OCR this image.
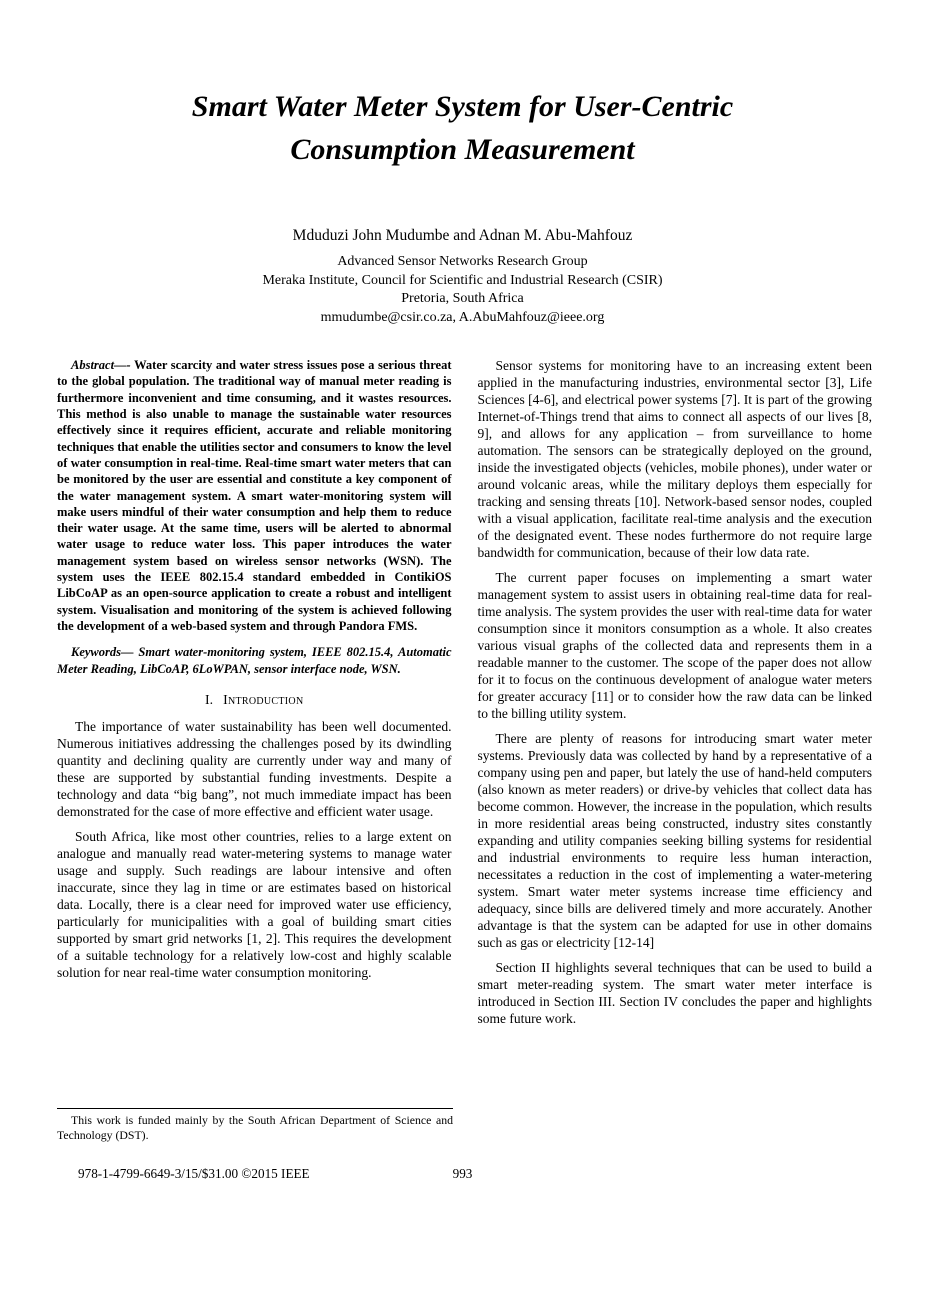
Smart Water Meter System for User-Centric Consumption Measurement

Mduduzi John Mudumbe and Adnan M. Abu-Mahfouz

Advanced Sensor Networks Research Group

Meraka Institute, Council for Scientific and Industrial Research (CSIR)

Pretoria, South Africa

mmudumbe@csir.co.za, A.AbuMahfouz@ieee.org

Abstract—- Water scarcity and water stress issues pose a serious threat to the global population. The traditional way of manual meter reading is furthermore inconvenient and time consuming, and it wastes resources. This method is also unable to manage the sustainable water resources effectively since it requires efficient, accurate and reliable monitoring techniques that enable the utilities sector and consumers to know the level of water consumption in real-time. Real-time smart water meters that can be monitored by the user are essential and constitute a key component of the water management system. A smart water-monitoring system will make users mindful of their water consumption and help them to reduce their water usage. At the same time, users will be alerted to abnormal water usage to reduce water loss. This paper introduces the water management system based on wireless sensor networks (WSN). The system uses the IEEE 802.15.4 standard embedded in ContikiOS LibCoAP as an open-source application to create a robust and intelligent system. Visualisation and monitoring of the system is achieved following the development of a web-based system and through Pandora FMS.

Keywords— Smart water-monitoring system, IEEE 802.15.4, Automatic Meter Reading, LibCoAP, 6LoWPAN, sensor interface node, WSN.

I. Introduction

The importance of water sustainability has been well documented. Numerous initiatives addressing the challenges posed by its dwindling quantity and declining quality are currently under way and many of these are supported by substantial funding investments. Despite a technology and data “big bang”, not much immediate impact has been demonstrated for the case of more effective and efficient water usage.

South Africa, like most other countries, relies to a large extent on analogue and manually read water-metering systems to manage water usage and supply. Such readings are labour intensive and often inaccurate, since they lag in time or are estimates based on historical data. Locally, there is a clear need for improved water use efficiency, particularly for municipalities with a goal of building smart cities supported by smart grid networks [1, 2]. This requires the development of a suitable technology for a relatively low-cost and highly scalable solution for near real-time water consumption monitoring.

Sensor systems for monitoring have to an increasing extent been applied in the manufacturing industries, environmental sector [3], Life Sciences [4-6], and electrical power systems [7]. It is part of the growing Internet-of-Things trend that aims to connect all aspects of our lives [8, 9], and allows for any application – from surveillance to home automation. The sensors can be strategically deployed on the ground, inside the investigated objects (vehicles, mobile phones), under water or around volcanic areas, while the military deploys them especially for tracking and sensing threats [10]. Network-based sensor nodes, coupled with a visual application, facilitate real-time analysis and the execution of the designated event. These nodes furthermore do not require large bandwidth for communication, because of their low data rate.

The current paper focuses on implementing a smart water management system to assist users in obtaining real-time data for real-time analysis. The system provides the user with real-time data for water consumption since it monitors consumption as a whole. It also creates various visual graphs of the collected data and represents them in a readable manner to the customer. The scope of the paper does not allow for it to focus on the continuous development of analogue water meters for greater accuracy [11] or to consider how the raw data can be linked to the billing utility system.

There are plenty of reasons for introducing smart water meter systems. Previously data was collected by hand by a representative of a company using pen and paper, but lately the use of hand-held computers (also known as meter readers) or drive-by vehicles that collect data has become common. However, the increase in the population, which results in more residential areas being constructed, industry sites constantly expanding and utility companies seeking billing systems for residential and industrial environments to require less human interaction, necessitates a reduction in the cost of implementing a water-metering system. Smart water meter systems increase time efficiency and adequacy, since bills are delivered timely and more accurately. Another advantage is that the system can be adapted for use in other domains such as gas or electricity [12-14]

Section II highlights several techniques that can be used to build a smart meter-reading system. The smart water meter interface is introduced in Section III. Section IV concludes the paper and highlights some future work.

This work is funded mainly by the South African Department of Science and Technology (DST).
978-1-4799-6649-3/15/$31.00 ©2015 IEEE	993
